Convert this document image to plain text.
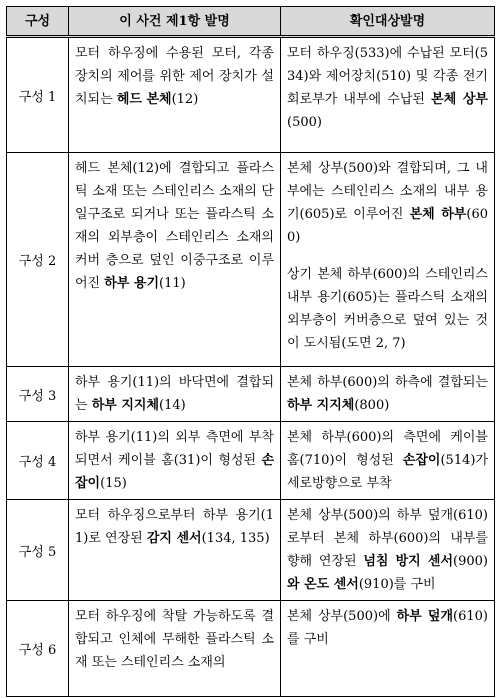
구성	이 사건 제1항 발명	확인대상발명
구성 1	모터 하우징에 수용된 모터, 각종 장치의 제어를 위한 제어 장치가 설치되는 헤드 본체(12)	모터 하우징(533)에 수납된 모터(534)와 제어장치(510) 및 각종 전기회로부가 내부에 수납된 본체 상부(500)

구성 2	헤드 본체(12)에 결합되고 플라스틱 소재 또는 스테인리스 소재의 단일구조로 되거나 또는 플라스틱 소재의 외부층이 스테인리스 소재의 커버 층으로 덮인 이중구조로 이루어진 하부 용기(11)	본체 상부(500)와 결합되며, 그 내부에는 스테인리스 소재의 내부 용기(605)로 이루어진 본체 하부(600)

상기 본체 하부(600)의 스테인리스 내부 용기(605)는 플라스틱 소재의 외부층이 커버층으로 덮여 있는 것이 도시됨(도면 2, 7)

구성 3	하부 용기(11)의 바닥면에 결합되는 하부 지지체(14)	본체 하부(600)의 하측에 결합되는 하부 지지체(800)

구성 4	하부 용기(11)의 외부 측면에 부착되면서 케이블 홈(31)이 형성된 손잡이(15)	본체 하부(600)의 측면에 케이블 홈(710)이 형성된 손잡이(514)가 세로방향으로 부착

구성 5	모터 하우징으로부터 하부 용기(11)로 연장된 감지 센서(134, 135)	본체 상부(500)의 하부 덮개(610)로부터 본체 하부(600)의 내부를 향해 연장된 넘침 방지 센서(900) 와 온도 센서(910)를 구비

구성 6	모터 하우징에 착탈 가능하도록 결합되고 인체에 무해한 플라스틱 소재 또는 스테인리스 소재의	본체 상부(500)에 하부 덮개(610) 를 구비
